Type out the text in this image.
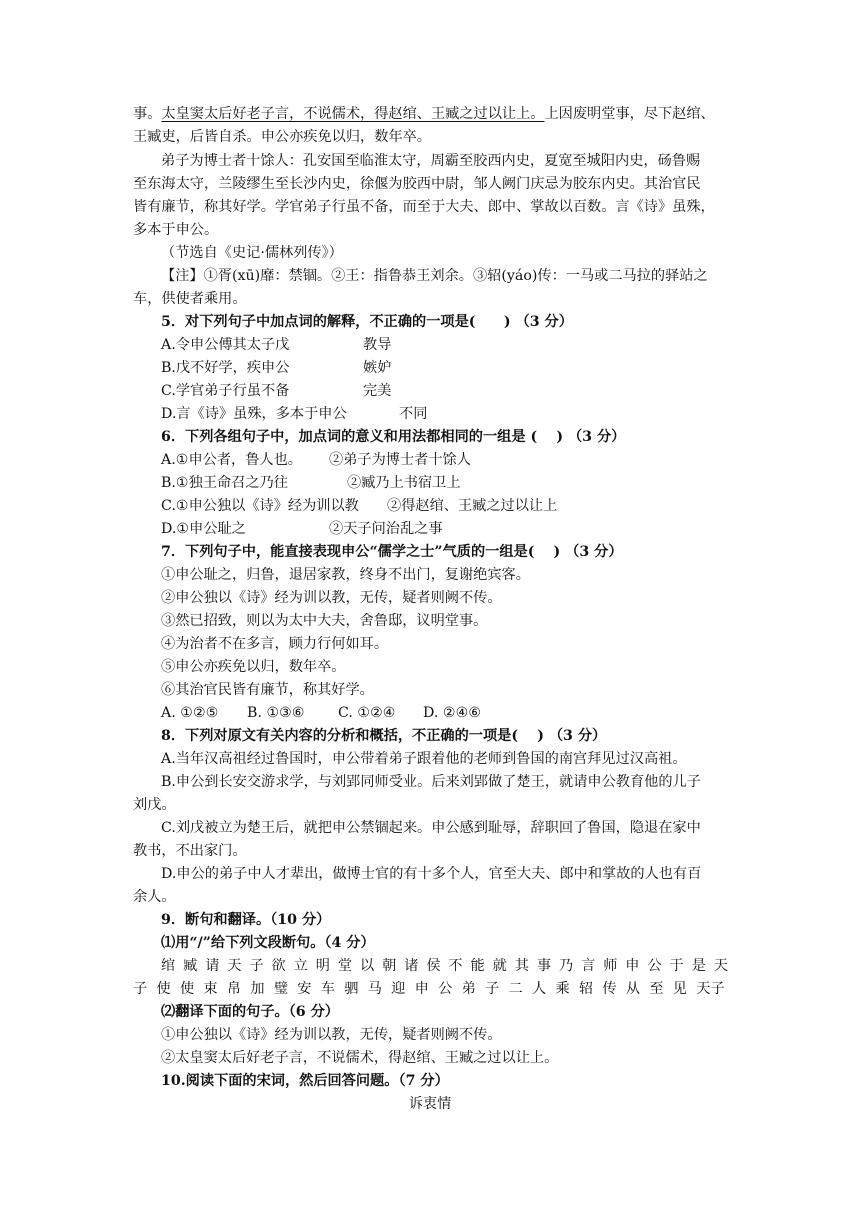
事。太皇窦太后好老子言，不说儒术，得赵绾、王臧之过以让上。上因废明堂事，尽下赵绾、
王臧吏，后皆自杀。申公亦疾免以归，数年卒。
弟子为博士者十馀人：孔安国至临淮太守，周霸至胶西内史，夏宽至城阳内史，砀鲁赐
至东海太守，兰陵缪生至长沙内史，徐偃为胶西中尉，邹人阙门庆忌为胶东内史。其治官民
皆有廉节，称其好学。学官弟子行虽不备，而至于大夫、郎中、掌故以百数。言《诗》虽殊，
多本于申公。
（节选自《史记·儒林列传》）
【注】①胥(xū)靡：禁锢。②王：指鲁恭王刘余。③轺(yáo)传：一马或二马拉的驿站之
车，供使者乘用。
5．对下列句子中加点词的解释，不正确的一项是(　　) （3 分）
A.令申公傅其太子戊	教导
B.戊不好学，疾申公	嫉妒
C.学官弟子行虽不备	完美
D.言《诗》虽殊，多本于申公	不同
6．下列各组句子中，加点词的意义和用法都相同的一组是 (　 ) （3 分）
A.①申公者，鲁人也。 ②弟子为博士者十馀人
B.①独王命召之乃往	②臧乃上书宿卫上
C.①申公独以《诗》经为训以教 ②得赵绾、王臧之过以让上
D.①申公耻之	②天子问治乱之事
7．下列句子中，能直接表现申公“儒学之士”气质的一组是(　 ) （3 分）
①申公耻之，归鲁，退居家教，终身不出门，复谢绝宾客。
②申公独以《诗》经为训以教，无传，疑者则阙不传。
③然已招致，则以为太中大夫，舍鲁邸，议明堂事。
④为治者不在多言，顾力行何如耳。
⑤申公亦疾免以归，数年卒。
⑥其治官民皆有廉节，称其好学。
A. ①②⑤ B. ①③⑥ C. ①②④ D. ②④⑥
8．下列对原文有关内容的分析和概括，不正确的一项是(　 ) （3 分）
A.当年汉高祖经过鲁国时，申公带着弟子跟着他的老师到鲁国的南宫拜见过汉高祖。
B.申公到长安交游求学，与刘郢同师受业。后来刘郢做了楚王，就请申公教育他的儿子
刘戊。
C.刘戊被立为楚王后，就把申公禁锢起来。申公感到耻辱，辞职回了鲁国，隐退在家中
教书，不出家门。
D.申公的弟子中人才辈出，做博士官的有十多个人，官至大夫、郎中和掌故的人也有百
余人。
9．断句和翻译。（10 分）
⑴用“/”给下列文段断句。（4 分）
绾 臧 请 天 子 欲 立 明 堂 以 朝 诸 侯 不 能 就 其 事 乃 言 师 申 公 于 是 天
子 使 使 束 帛 加 璧 安 车 驷 马 迎 申 公 弟 子 二 人 乘 轺 传 从 至 见 天子
⑵翻译下面的句子。（6 分）
①申公独以《诗》经为训以教，无传，疑者则阙不传。
②太皇窦太后好老子言，不说儒术，得赵绾、王臧之过以让上。
10.阅读下面的宋词，然后回答问题。（7 分）
诉衷情
